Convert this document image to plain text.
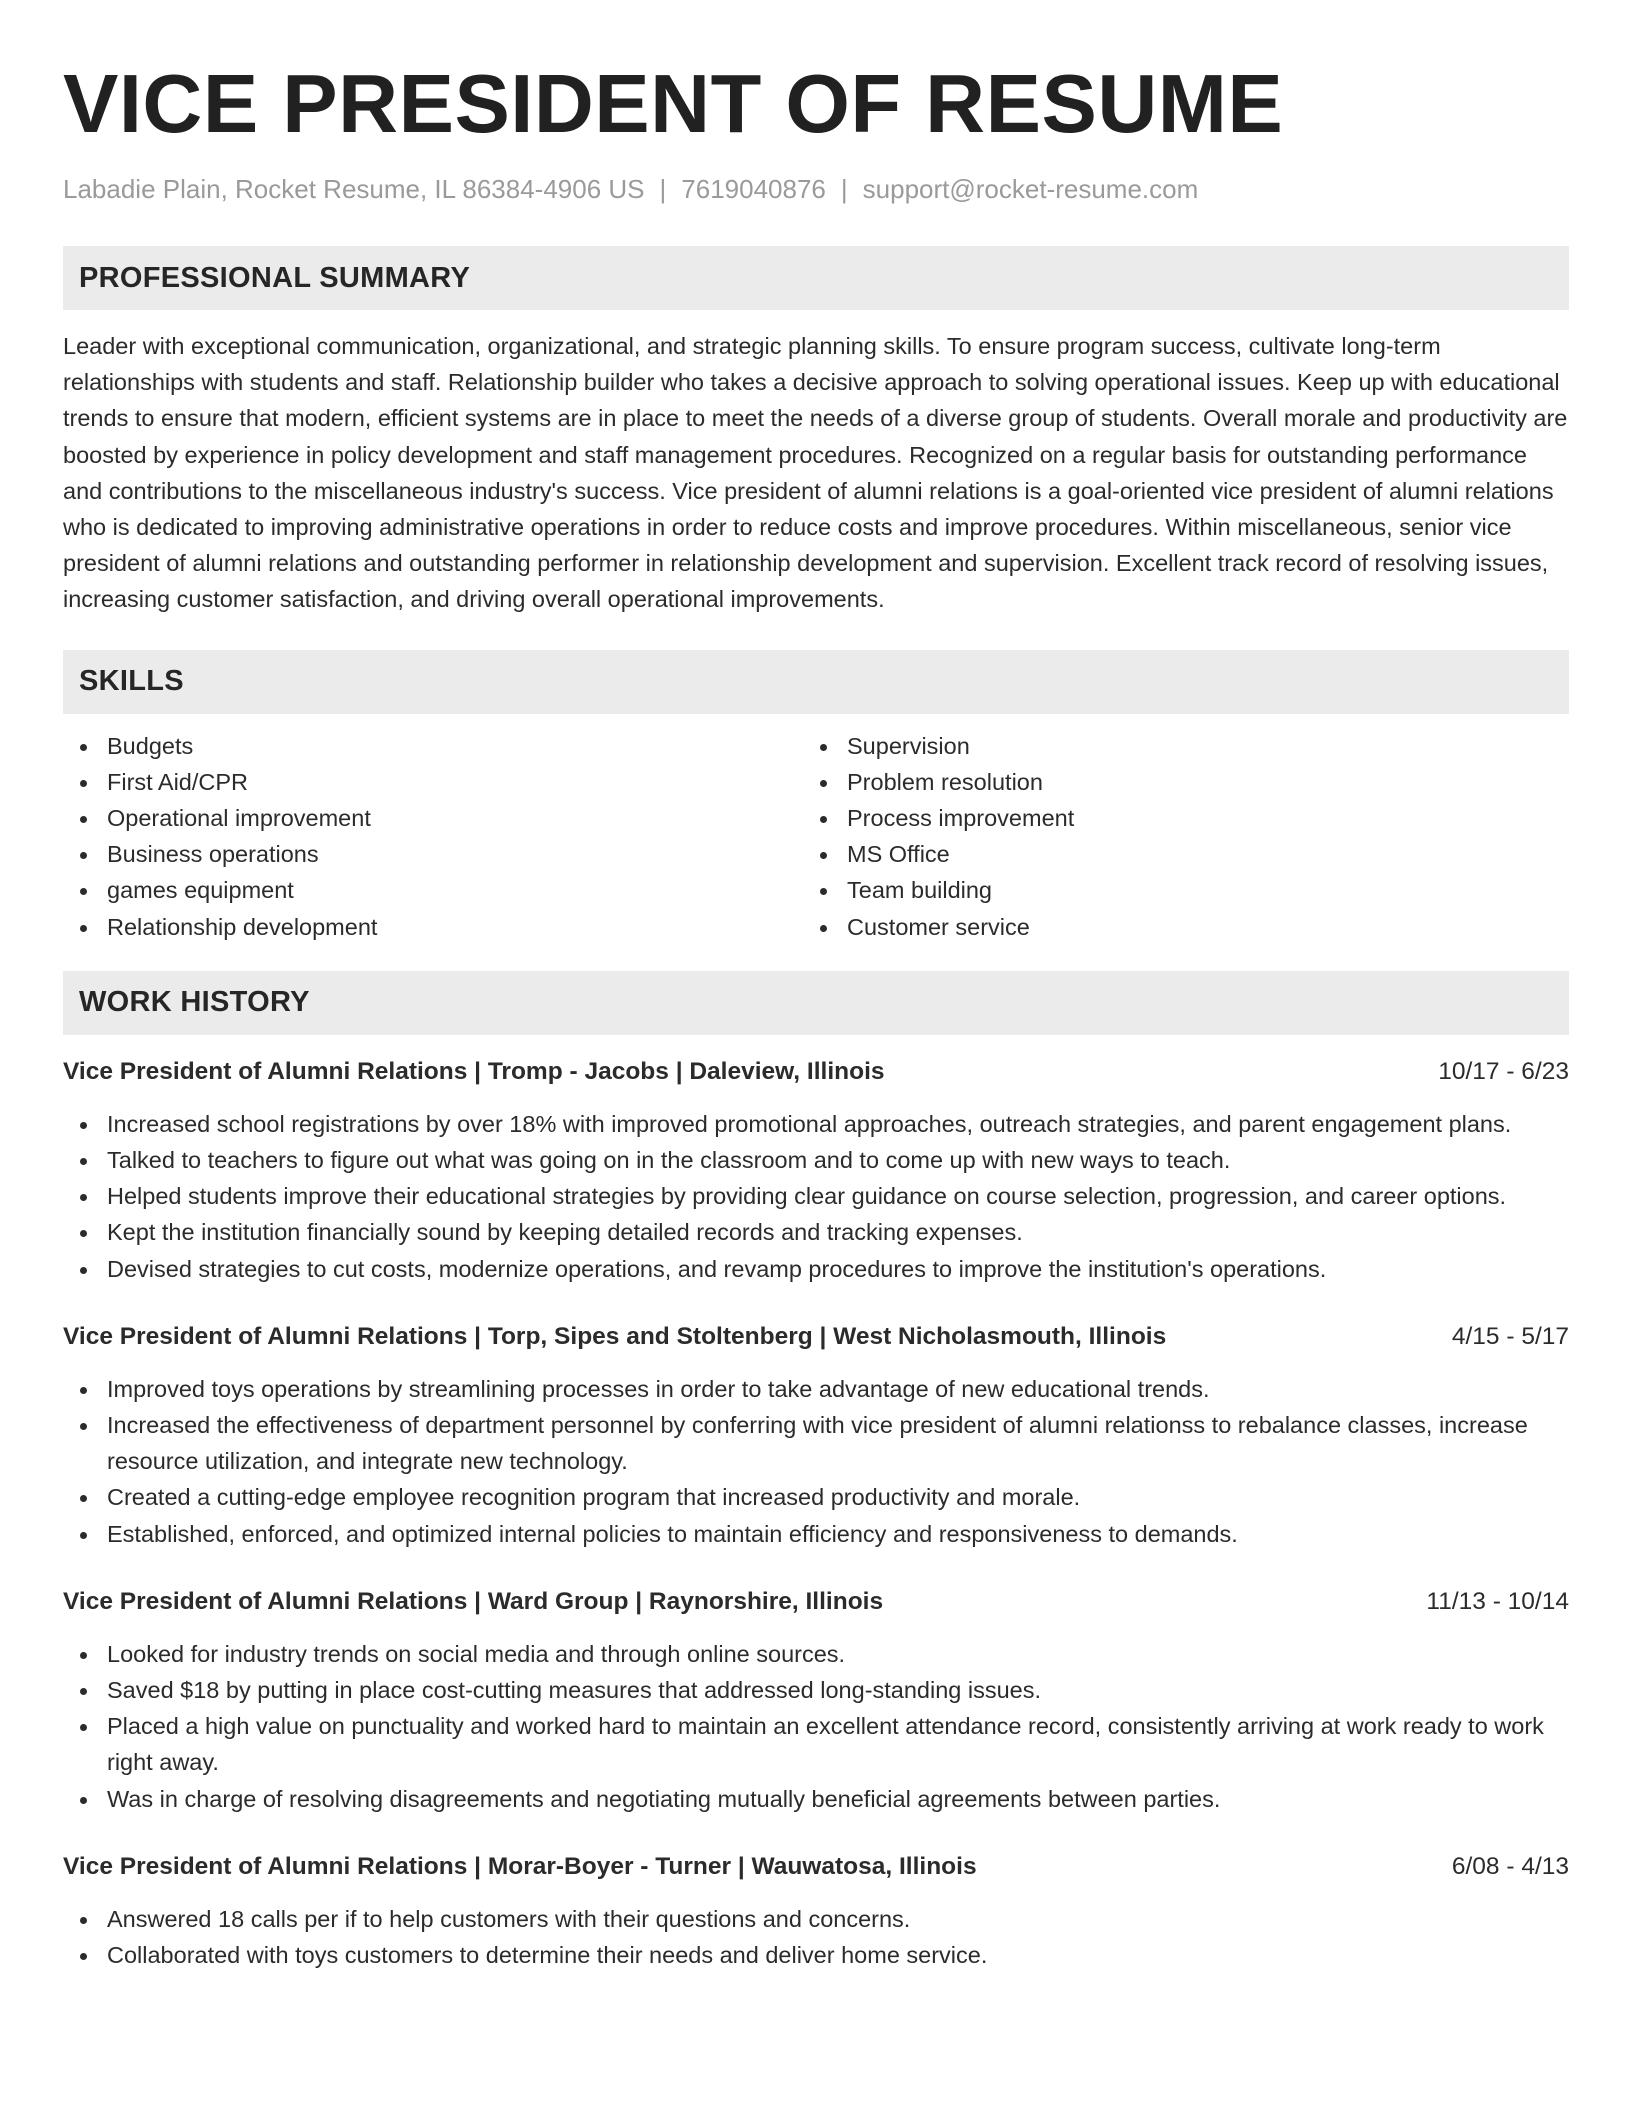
VICE PRESIDENT OF RESUME
Labadie Plain, Rocket Resume, IL 86384-4906 US | 7619040876 | support@rocket-resume.com
PROFESSIONAL SUMMARY
Leader with exceptional communication, organizational, and strategic planning skills. To ensure program success, cultivate long-term relationships with students and staff. Relationship builder who takes a decisive approach to solving operational issues. Keep up with educational trends to ensure that modern, efficient systems are in place to meet the needs of a diverse group of students. Overall morale and productivity are boosted by experience in policy development and staff management procedures. Recognized on a regular basis for outstanding performance and contributions to the miscellaneous industry's success. Vice president of alumni relations is a goal-oriented vice president of alumni relations who is dedicated to improving administrative operations in order to reduce costs and improve procedures. Within miscellaneous, senior vice president of alumni relations and outstanding performer in relationship development and supervision. Excellent track record of resolving issues, increasing customer satisfaction, and driving overall operational improvements.
SKILLS
Budgets
First Aid/CPR
Operational improvement
Business operations
games equipment
Relationship development
Supervision
Problem resolution
Process improvement
MS Office
Team building
Customer service
WORK HISTORY
Vice President of Alumni Relations | Tromp - Jacobs | Daleview, Illinois	10/17 - 6/23
Increased school registrations by over 18% with improved promotional approaches, outreach strategies, and parent engagement plans.
Talked to teachers to figure out what was going on in the classroom and to come up with new ways to teach.
Helped students improve their educational strategies by providing clear guidance on course selection, progression, and career options.
Kept the institution financially sound by keeping detailed records and tracking expenses.
Devised strategies to cut costs, modernize operations, and revamp procedures to improve the institution's operations.
Vice President of Alumni Relations | Torp, Sipes and Stoltenberg | West Nicholasmouth, Illinois	4/15 - 5/17
Improved toys operations by streamlining processes in order to take advantage of new educational trends.
Increased the effectiveness of department personnel by conferring with vice president of alumni relationss to rebalance classes, increase resource utilization, and integrate new technology.
Created a cutting-edge employee recognition program that increased productivity and morale.
Established, enforced, and optimized internal policies to maintain efficiency and responsiveness to demands.
Vice President of Alumni Relations | Ward Group | Raynorshire, Illinois	11/13 - 10/14
Looked for industry trends on social media and through online sources.
Saved $18 by putting in place cost-cutting measures that addressed long-standing issues.
Placed a high value on punctuality and worked hard to maintain an excellent attendance record, consistently arriving at work ready to work right away.
Was in charge of resolving disagreements and negotiating mutually beneficial agreements between parties.
Vice President of Alumni Relations | Morar-Boyer - Turner | Wauwatosa, Illinois	6/08 - 4/13
Answered 18 calls per if to help customers with their questions and concerns.
Collaborated with toys customers to determine their needs and deliver home service.
